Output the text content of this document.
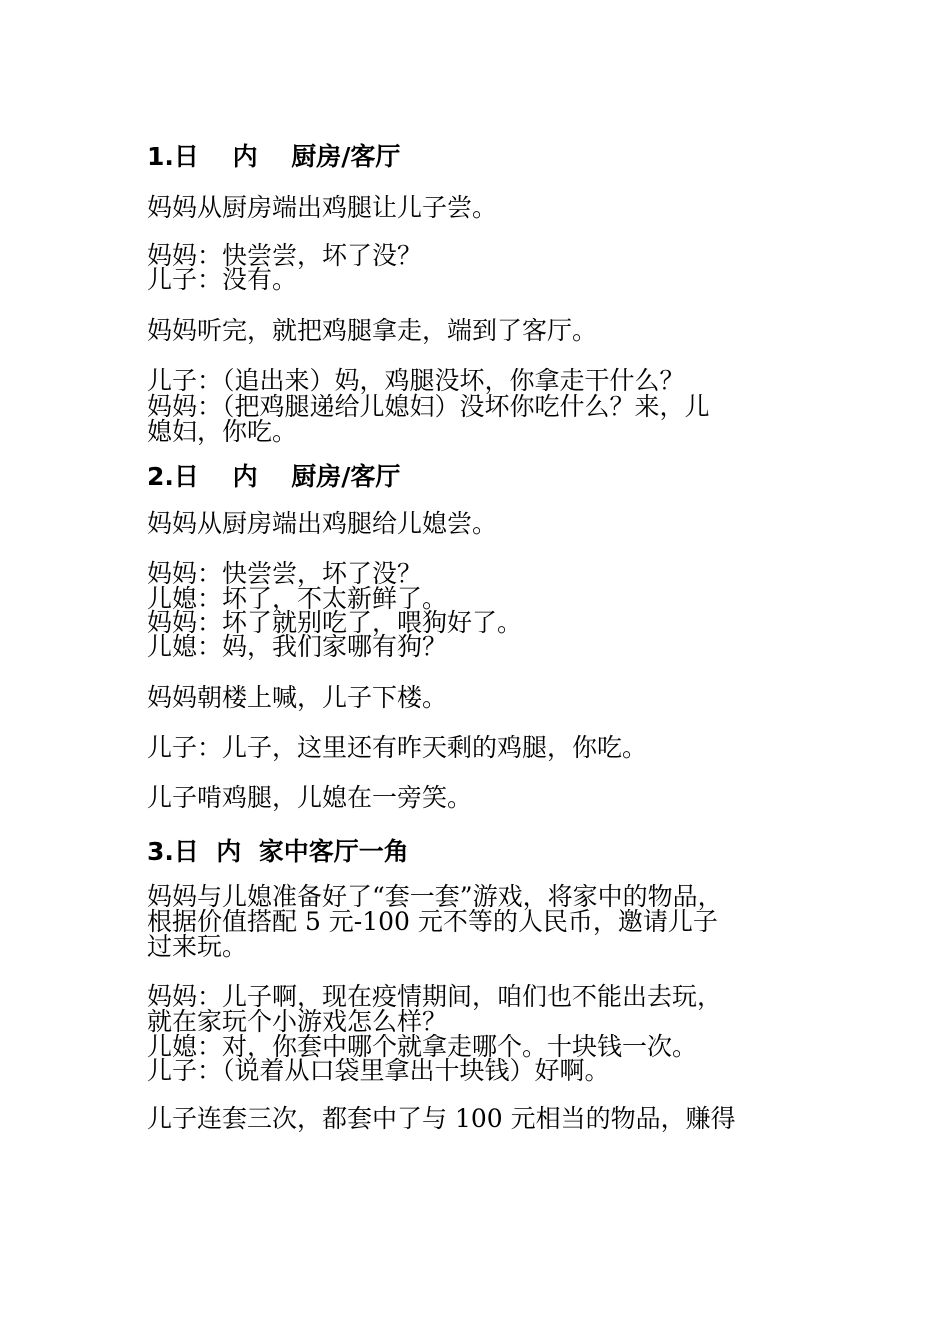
1.日　 内　 厨房/客厅
妈妈从厨房端出鸡腿让儿子尝。
妈妈：快尝尝，坏了没？
儿子：没有。
妈妈听完，就把鸡腿拿走，端到了客厅。
儿子：（追出来）妈，鸡腿没坏，你拿走干什么？
妈妈：（把鸡腿递给儿媳妇）没坏你吃什么？来，儿
媳妇，你吃。
2.日　 内　 厨房/客厅
妈妈从厨房端出鸡腿给儿媳尝。
妈妈：快尝尝，坏了没？
儿媳：坏了，不太新鲜了。
妈妈：坏了就别吃了，喂狗好了。
儿媳：妈，我们家哪有狗？
妈妈朝楼上喊，儿子下楼。
儿子：儿子，这里还有昨天剩的鸡腿，你吃。
儿子啃鸡腿，儿媳在一旁笑。
3.日  内  家中客厅一角
妈妈与儿媳准备好了“套一套”游戏，将家中的物品，
根据价值搭配 5 元-100 元不等的人民币，邀请儿子
过来玩。
妈妈：儿子啊，现在疫情期间，咱们也不能出去玩，
就在家玩个小游戏怎么样？
儿媳：对，你套中哪个就拿走哪个。十块钱一次。
儿子：（说着从口袋里拿出十块钱）好啊。
儿子连套三次，都套中了与 100 元相当的物品，赚得
